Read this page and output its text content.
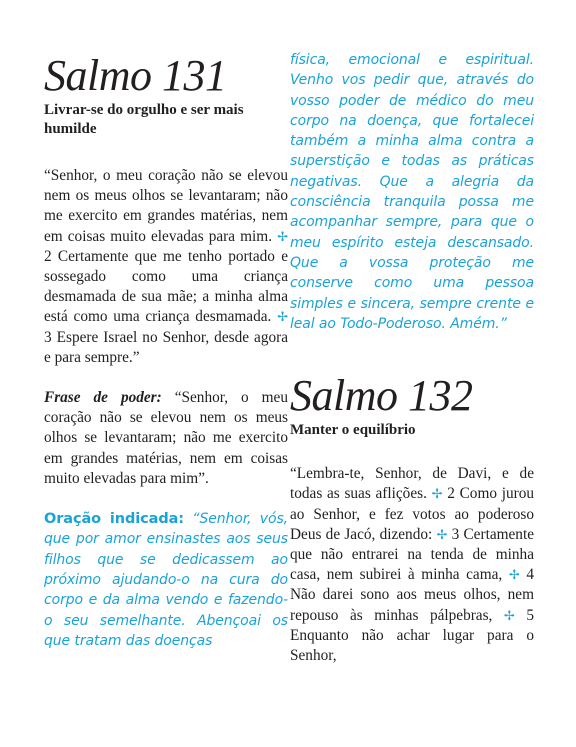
Salmo 131

Livrar-se do orgulho e ser mais humilde

“Senhor, o meu coração não se elevou nem os meus olhos se levantaram; não me exercito em grandes matérias, nem em coisas muito elevadas para mim. ✢ 2 Certamente que me tenho portado e sossegado como uma criança desmamada de sua mãe; a minha alma está como uma criança desmamada. ✢ 3 Espere Israel no Senhor, desde agora e para sempre.”

Frase de poder: “Senhor, o meu coração não se elevou nem os meus olhos se levantaram; não me exercito em grandes matérias, nem em coisas muito elevadas para mim”.

Oração indicada: “Senhor, vós, que por amor ensinastes aos seus filhos que se dedicassem ao próximo ajudando-o na cura do corpo e da alma vendo e fazendo-o seu semelhante. Abençoai os que tratam das doenças

física, emocional e espiritual. Venho vos pedir que, através do vosso poder de médico do meu corpo na doença, que fortalecei também a minha alma contra a superstição e todas as práticas negativas. Que a alegria da consciência tranquila possa me acompanhar sempre, para que o meu espírito esteja descansado. Que a vossa proteção me conserve como uma pessoa simples e sincera, sempre crente e leal ao Todo-Poderoso. Amém.”

Salmo 132

Manter o equilíbrio

“Lembra-te, Senhor, de Davi, e de todas as suas aflições. ✢ 2 Como jurou ao Senhor, e fez votos ao poderoso Deus de Jacó, dizendo: ✢ 3 Certamente que não entrarei na tenda de minha casa, nem subirei à minha cama, ✢ 4 Não darei sono aos meus olhos, nem repouso às minhas pálpebras, ✢ 5 Enquanto não achar lugar para o Senhor,
